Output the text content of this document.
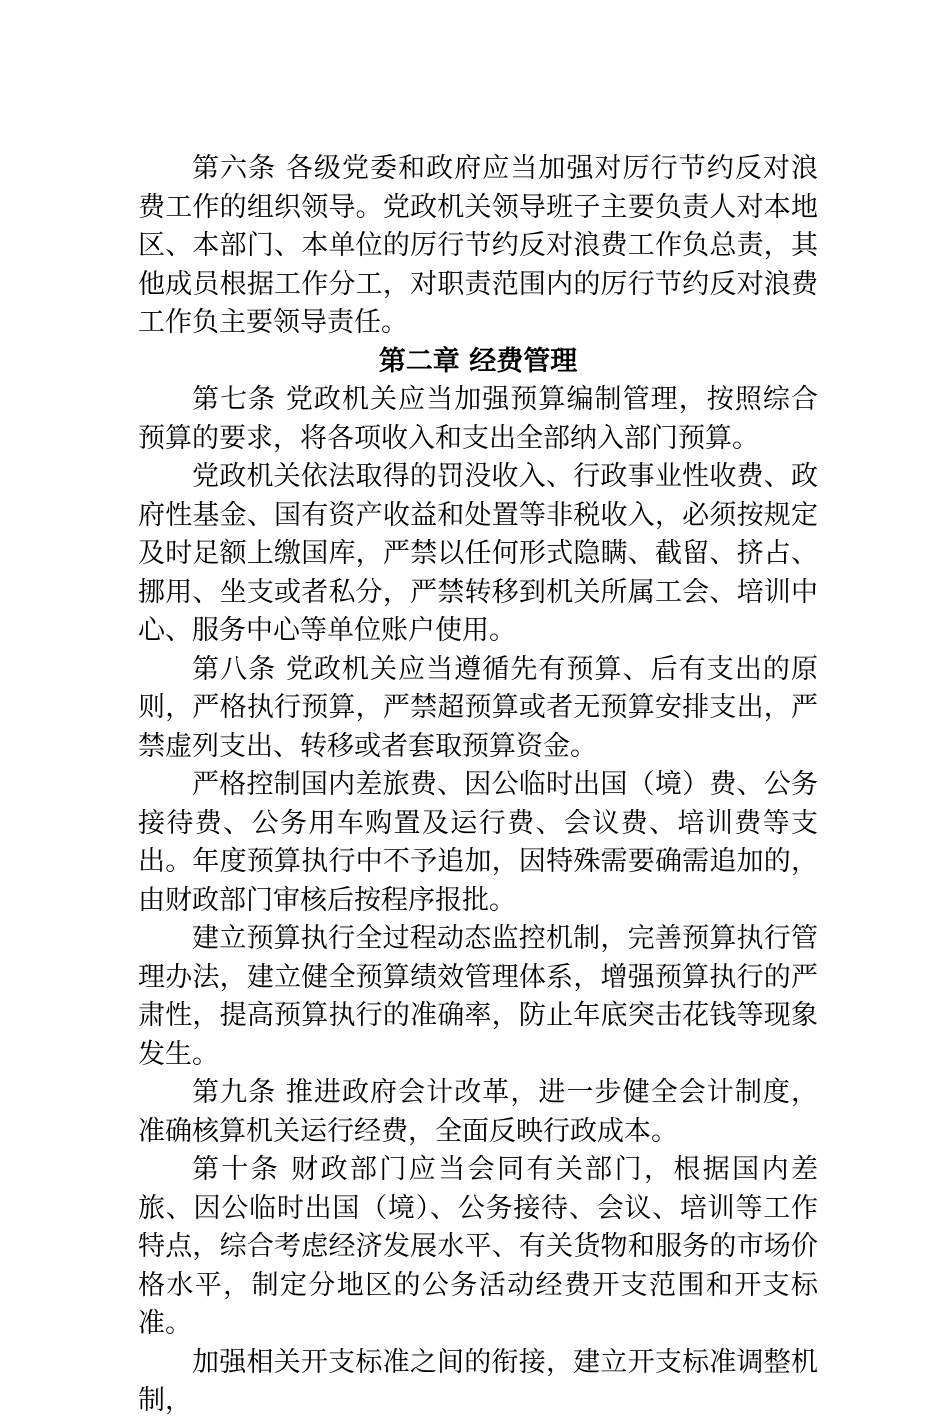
第六条 各级党委和政府应当加强对厉行节约反对浪费工作的组织领导。党政机关领导班子主要负责人对本地区、本部门、本单位的厉行节约反对浪费工作负总责，其他成员根据工作分工，对职责范围内的厉行节约反对浪费工作负主要领导责任。

第二章 经费管理

第七条 党政机关应当加强预算编制管理，按照综合预算的要求，将各项收入和支出全部纳入部门预算。

党政机关依法取得的罚没收入、行政事业性收费、政府性基金、国有资产收益和处置等非税收入，必须按规定及时足额上缴国库，严禁以任何形式隐瞒、截留、挤占、挪用、坐支或者私分，严禁转移到机关所属工会、培训中心、服务中心等单位账户使用。

第八条 党政机关应当遵循先有预算、后有支出的原则，严格执行预算，严禁超预算或者无预算安排支出，严禁虚列支出、转移或者套取预算资金。

严格控制国内差旅费、因公临时出国（境）费、公务接待费、公务用车购置及运行费、会议费、培训费等支出。年度预算执行中不予追加，因特殊需要确需追加的，由财政部门审核后按程序报批。

建立预算执行全过程动态监控机制，完善预算执行管理办法，建立健全预算绩效管理体系，增强预算执行的严肃性，提高预算执行的准确率，防止年底突击花钱等现象发生。

第九条 推进政府会计改革，进一步健全会计制度，准确核算机关运行经费，全面反映行政成本。

第十条 财政部门应当会同有关部门，根据国内差旅、因公临时出国（境）、公务接待、会议、培训等工作特点，综合考虑经济发展水平、有关货物和服务的市场价格水平，制定分地区的公务活动经费开支范围和开支标准。

加强相关开支标准之间的衔接，建立开支标准调整机制，
